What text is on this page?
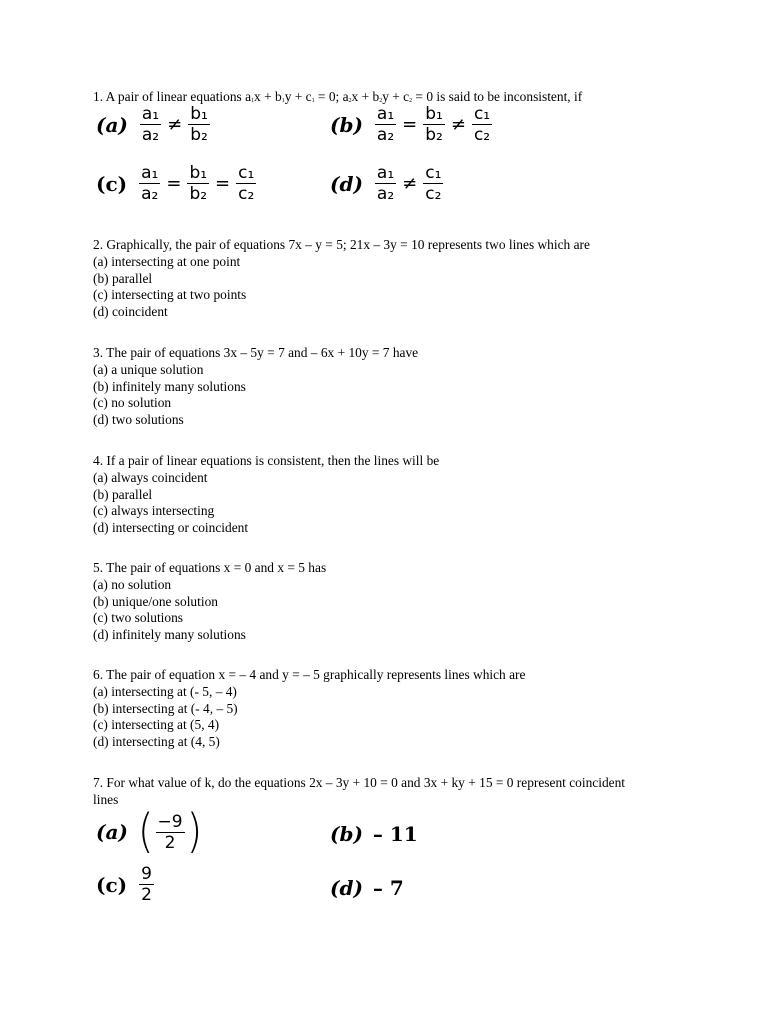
1. A pair of linear equations $a_1x + b_1y + c_1 = 0$; $a_2x + b_2y + c_2 = 0$ is said to be inconsistent, if

$(a) \frac{\text{a₁}}{\text{a₂}} \ne \frac{\text{b₁}}{\text{b₂}}$	$(b) \frac{\text{a₁}}{\text{a₂}} = \frac{\text{b₁}}{\text{b₂}} \ne \frac{\text{c₁}}{\text{c₂}}$
$(c) \frac{\text{a₁}}{\text{a₂}} = \frac{\text{b₁}}{\text{b₂}} = \frac{\text{c₁}}{\text{c₂}}$	$(d) \frac{\text{a₁}}{\text{a₂}} \ne \frac{\text{c₁}}{\text{c₂}}$

2. Graphically, the pair of equations 7x – y = 5; 21x – 3y = 10 represents two lines which are

(a) intersecting at one point

(b) parallel

(c) intersecting at two points

(d) coincident

3. The pair of equations 3x – 5y = 7 and – 6x + 10y = 7 have

(a) a unique solution

(b) infinitely many solutions

(c) no solution

(d) two solutions

4. If a pair of linear equations is consistent, then the lines will be

(a) always coincident

(b) parallel

(c) always intersecting

(d) intersecting or coincident

5. The pair of equations x = 0 and x = 5 has

(a) no solution

(b) unique/one solution

(c) two solutions

(d) infinitely many solutions

6. The pair of equation x = – 4 and y = – 5 graphically represents lines which are

(a) intersecting at (- 5, – 4)

(b) intersecting at (- 4, – 5)

(c) intersecting at (5, 4)

(d) intersecting at (4, 5)

7. For what value of k, do the equations 2x – 3y + 10 = 0 and 3x + ky + 15 = 0 represent coincident lines

(a) ( $\frac{-9}{2}$ )	(b) – 11
$(c) \frac{9}{2}$	(d) – 7
